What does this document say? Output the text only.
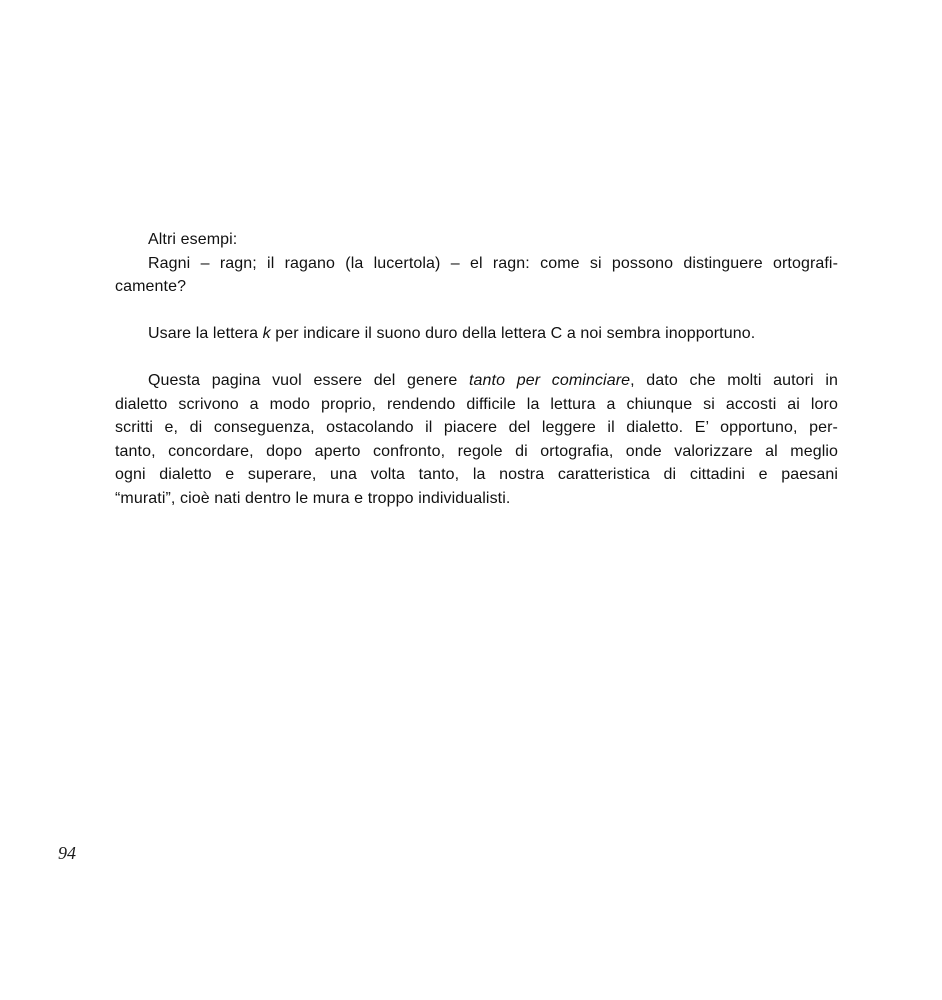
Altri esempi:
Ragni – ragn; il ragano (la lucertola) – el ragn: come si possono distinguere ortografi-
camente?
Usare la lettera k per indicare il suono duro della lettera C a noi sembra inopportuno.
Questa pagina vuol essere del genere tanto per cominciare, dato che molti autori in
dialetto scrivono a modo proprio, rendendo difficile la lettura a chiunque si accosti ai loro
scritti e, di conseguenza, ostacolando il piacere del leggere il dialetto. E’ opportuno, per-
tanto, concordare, dopo aperto confronto, regole di ortografia, onde valorizzare al meglio
ogni dialetto e superare, una volta tanto, la nostra caratteristica di cittadini e paesani
“murati”, cioè nati dentro le mura e troppo individualisti.
94
